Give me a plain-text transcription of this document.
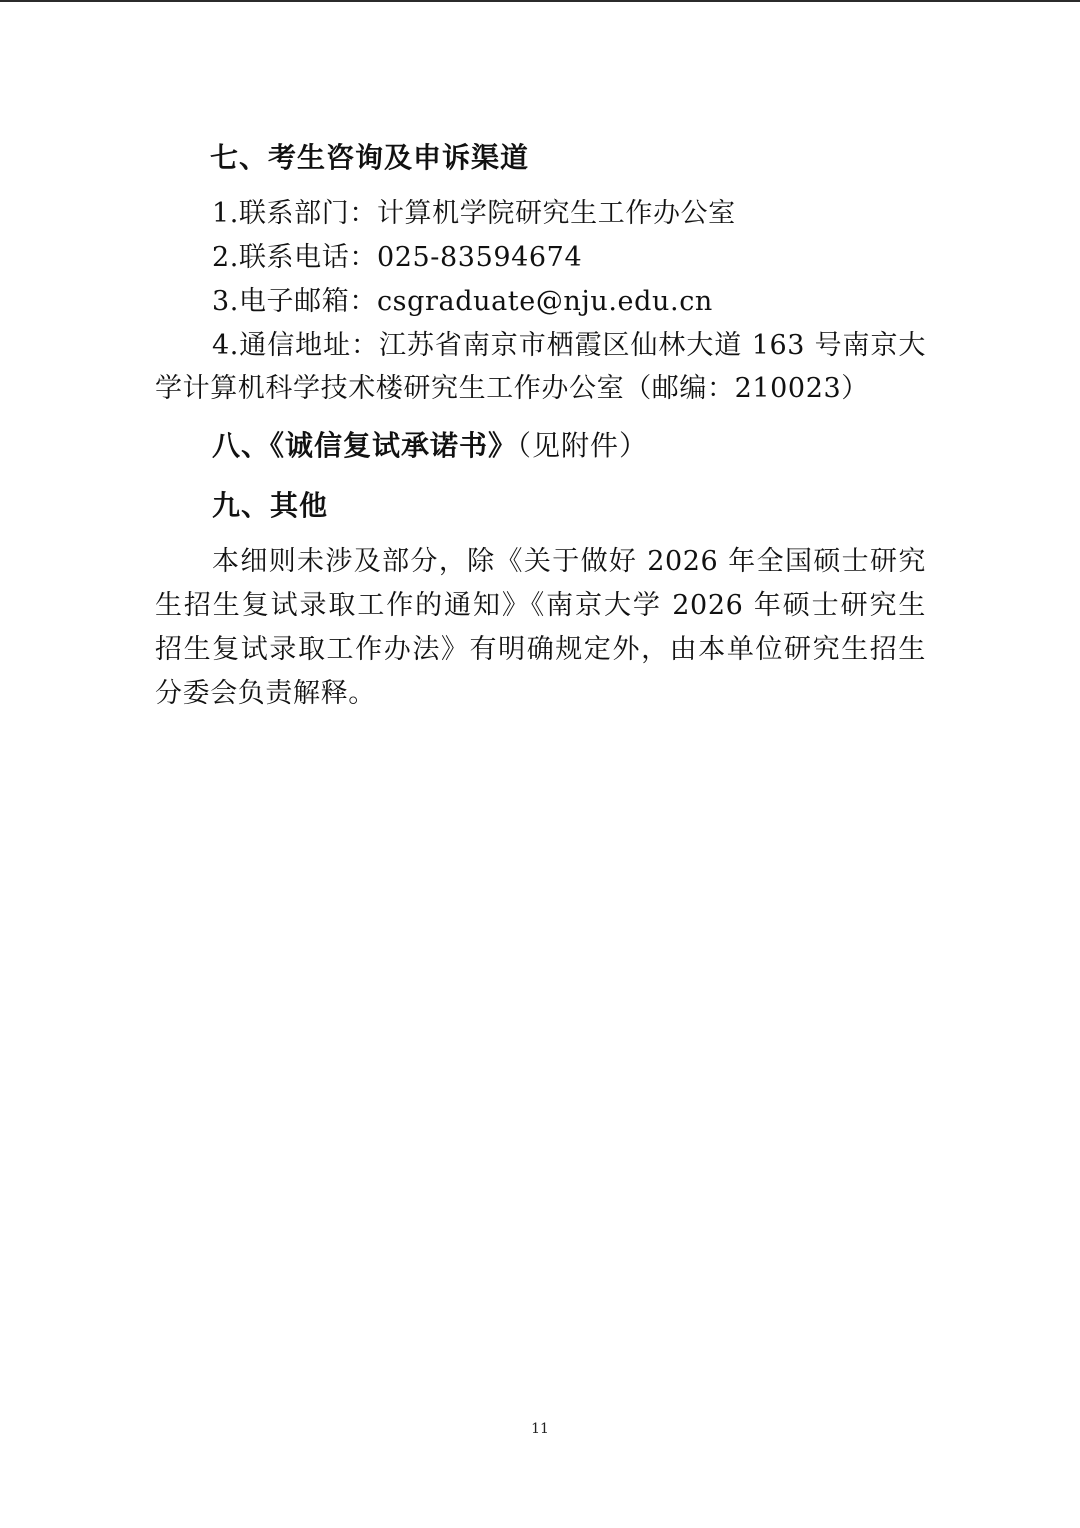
七、考生咨询及申诉渠道
1.联系部门：计算机学院研究生工作办公室
2.联系电话：025-83594674
3.电子邮箱：csgraduate@nju.edu.cn
4.通信地址：江苏省南京市栖霞区仙林大道 163 号南京大
学计算机科学技术楼研究生工作办公室（邮编：210023）
八、《诚信复试承诺书》（见附件）
九、其他
本细则未涉及部分，除《关于做好 2026 年全国硕士研究
生招生复试录取工作的通知》《南京大学 2026 年硕士研究生
招生复试录取工作办法》有明确规定外，由本单位研究生招生
分委会负责解释。
11
